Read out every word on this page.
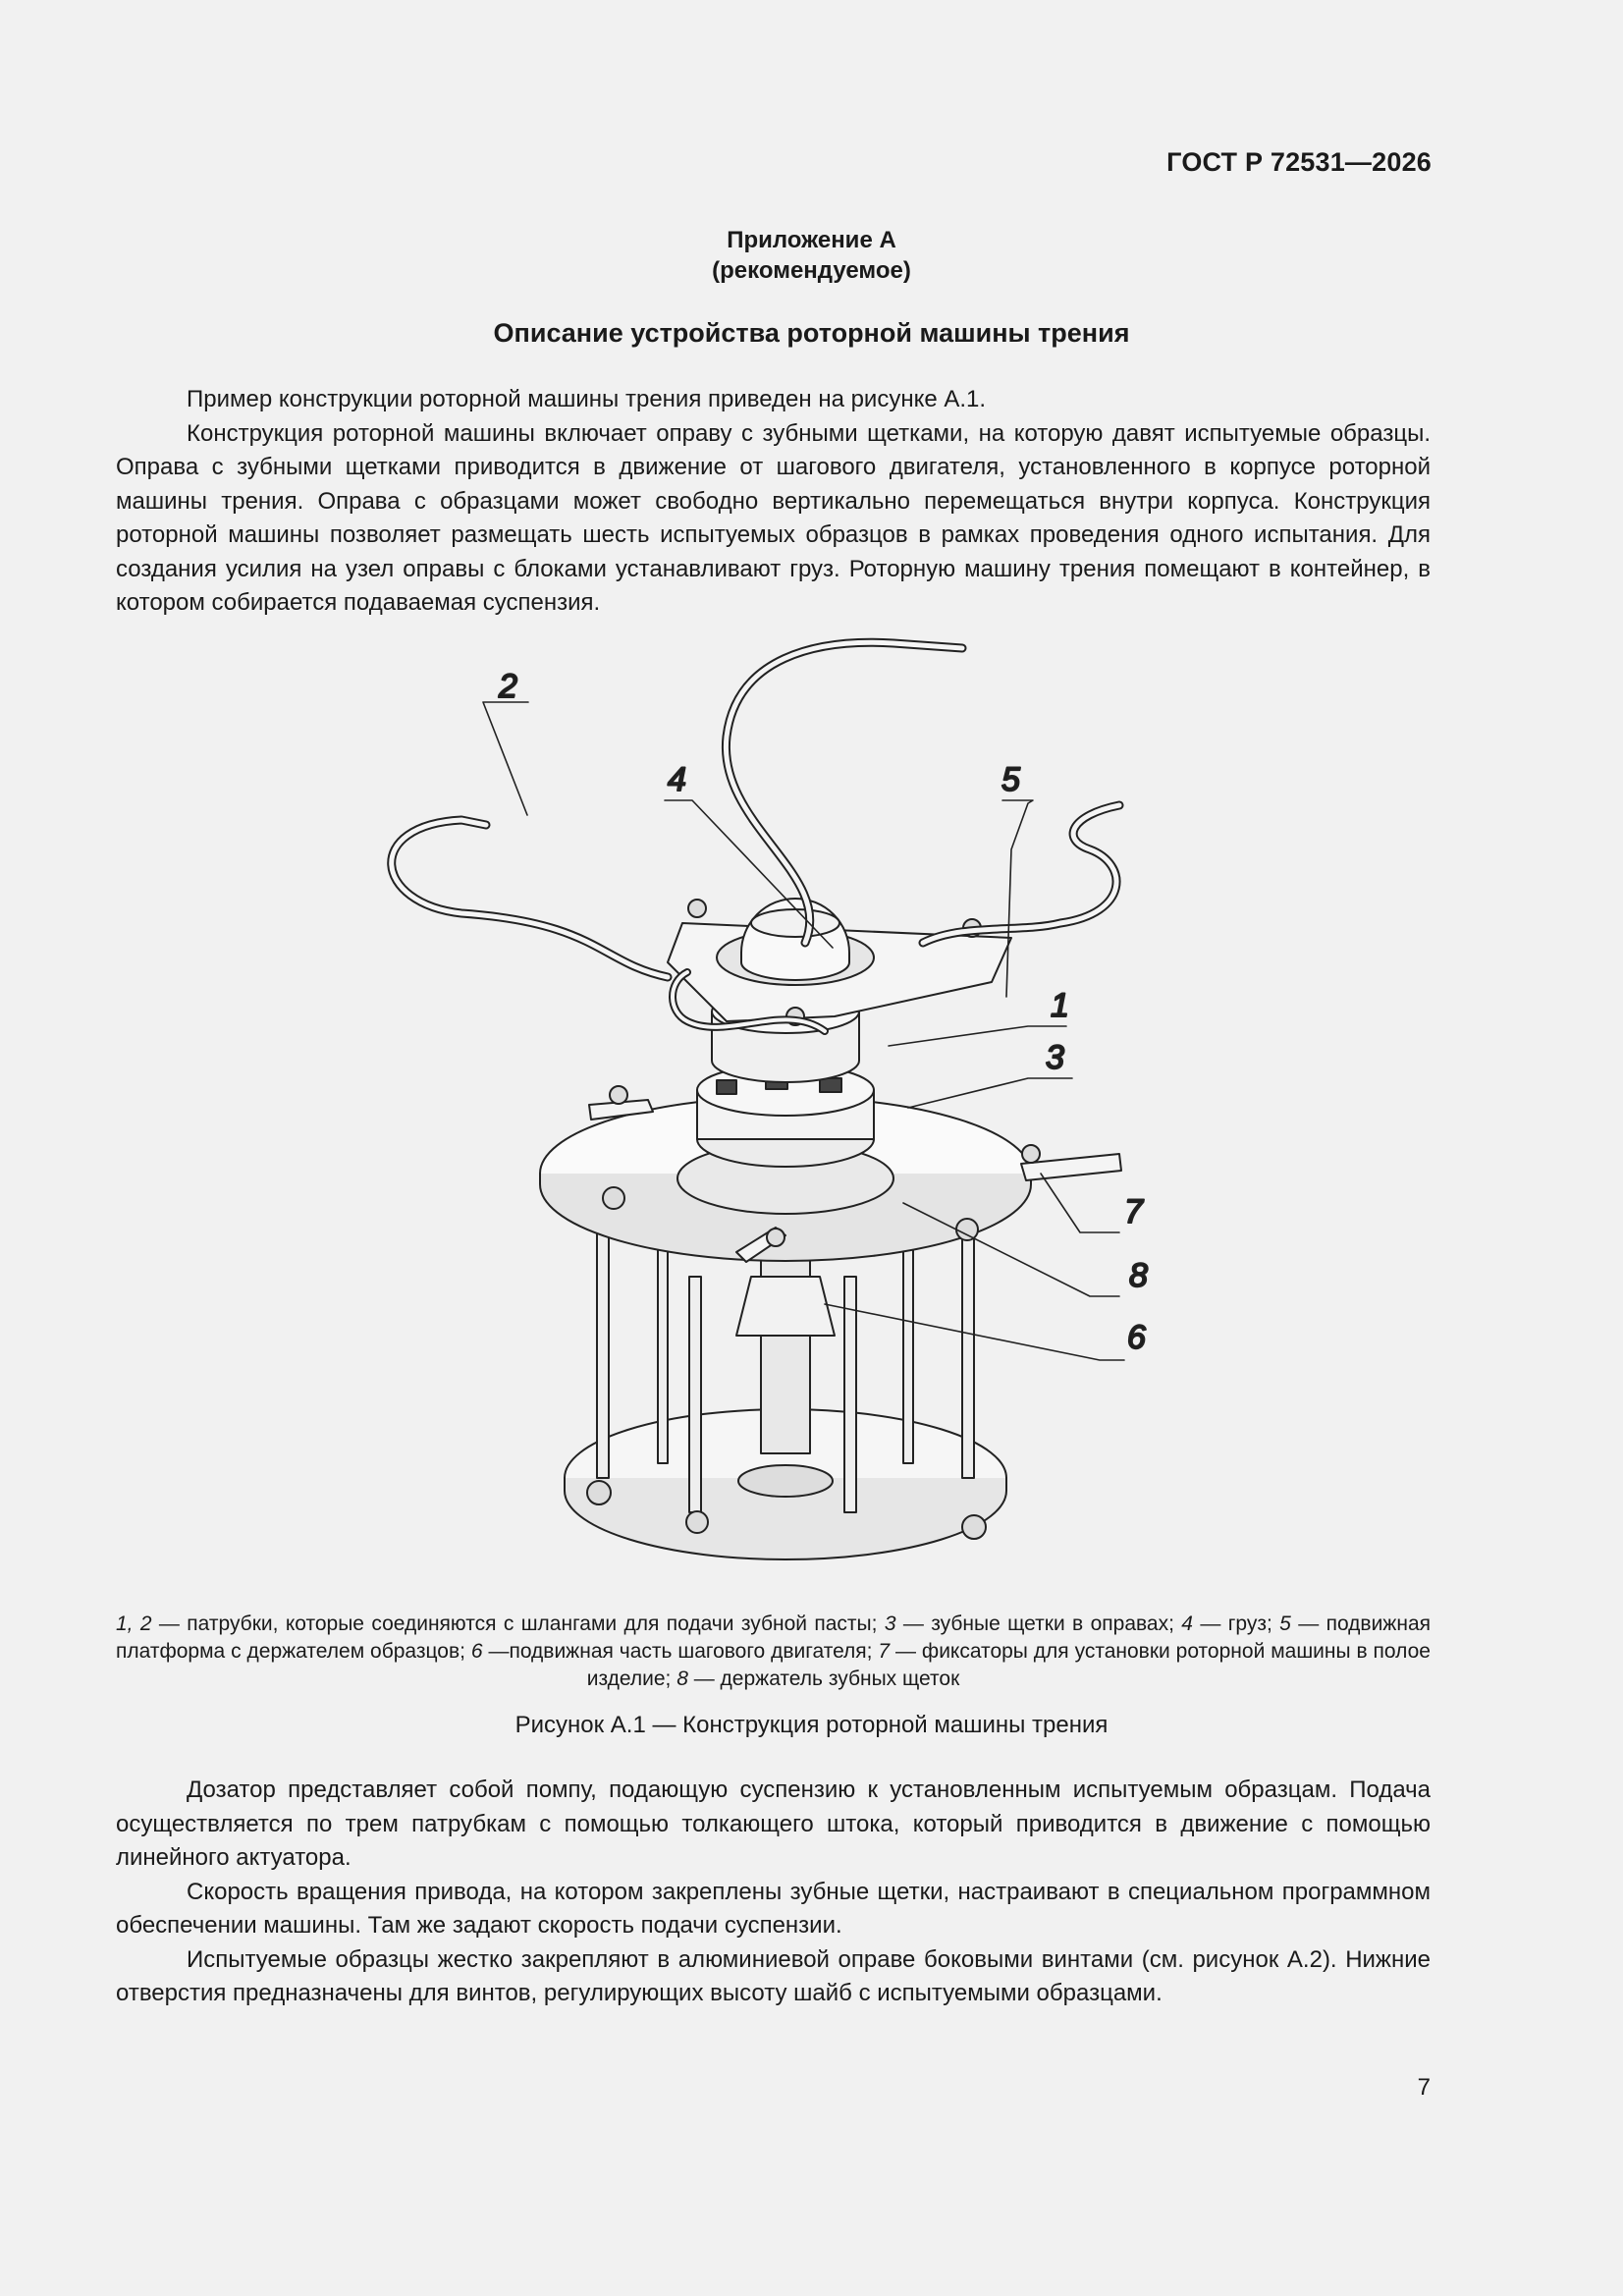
ГОСТ Р 72531—2026
Приложение А
(рекомендуемое)
Описание устройства роторной машины трения

Пример конструкции роторной машины трения приведен на рисунке А.1.

Конструкция роторной машины включает оправу с зубными щетками, на которую давят испытуемые образцы. Оправа с зубными щетками приводится в движение от шагового двигателя, установленного в корпусе роторной машины трения. Оправа с образцами может свободно вертикально перемещаться внутри корпуса. Конструкция роторной машины позволяет размещать шесть испытуемых образцов в рамках проведения одного испытания. Для создания усилия на узел оправы с блоками устанавливают груз. Роторную машину трения помещают в контейнер, в котором собирается подаваемая суспензия.

2
4	5
1
3
7
8
6
1, 2 — патрубки, которые соединяются с шлангами для подачи зубной пасты; 3 — зубные щетки в оправах; 4 — груз; 5 — подвижная платформа с держателем образцов; 6 —подвижная часть шагового двигателя; 7 — фиксаторы для установки роторной машины в полое изделие; 8 — держатель зубных щеток
Рисунок А.1 — Конструкция роторной машины трения

Дозатор представляет собой помпу, подающую суспензию к установленным испытуемым образцам. Подача осуществляется по трем патрубкам с помощью толкающего штока, который приводится в движение с помощью линейного актуатора.

Скорость вращения привода, на котором закреплены зубные щетки, настраивают в специальном программном обеспечении машины. Там же задают скорость подачи суспензии.

Испытуемые образцы жестко закрепляют в алюминиевой оправе боковыми винтами (см. рисунок А.2). Нижние отверстия предназначены для винтов, регулирующих высоту шайб с испытуемыми образцами.

7
